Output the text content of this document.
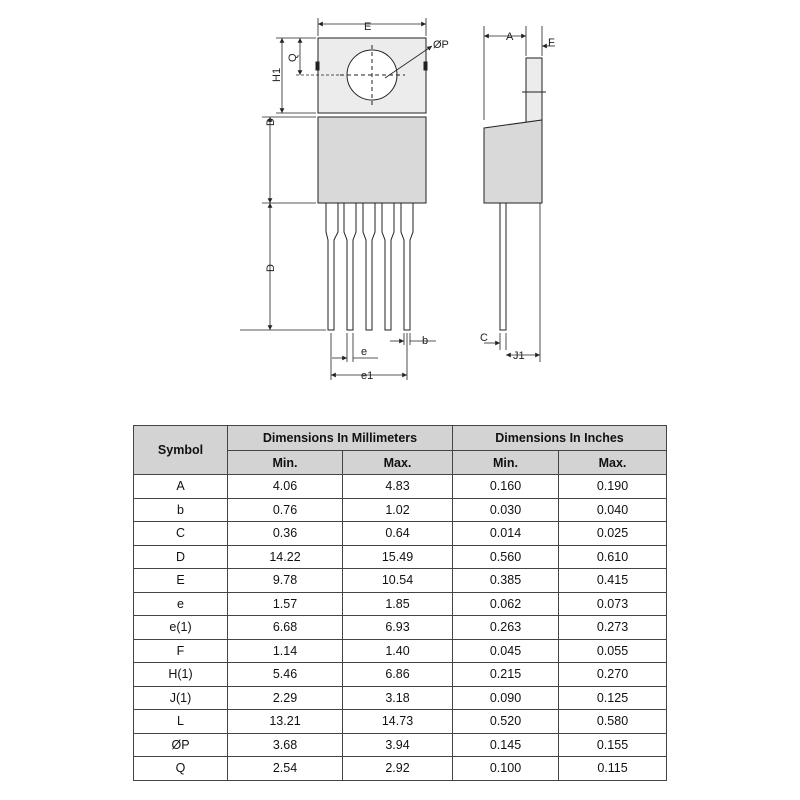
E
ØP
Q
H1
D
D
A	F
e
e1
b	C
J1
Symbol	Dimensions In Millimeters		Dimensions In Inches	
	Min.	Max.	Min.	Max.
A	4.06	4.83	0.160	0.190
b	0.76	1.02	0.030	0.040
C	0.36	0.64	0.014	0.025
D	14.22	15.49	0.560	0.610
E	9.78	10.54	0.385	0.415
e	1.57	1.85	0.062	0.073
e(1)	6.68	6.93	0.263	0.273
F	1.14	1.40	0.045	0.055
H(1)	5.46	6.86	0.215	0.270
J(1)	2.29	3.18	0.090	0.125
L	13.21	14.73	0.520	0.580
ØP	3.68	3.94	0.145	0.155
Q	2.54	2.92	0.100	0.115
